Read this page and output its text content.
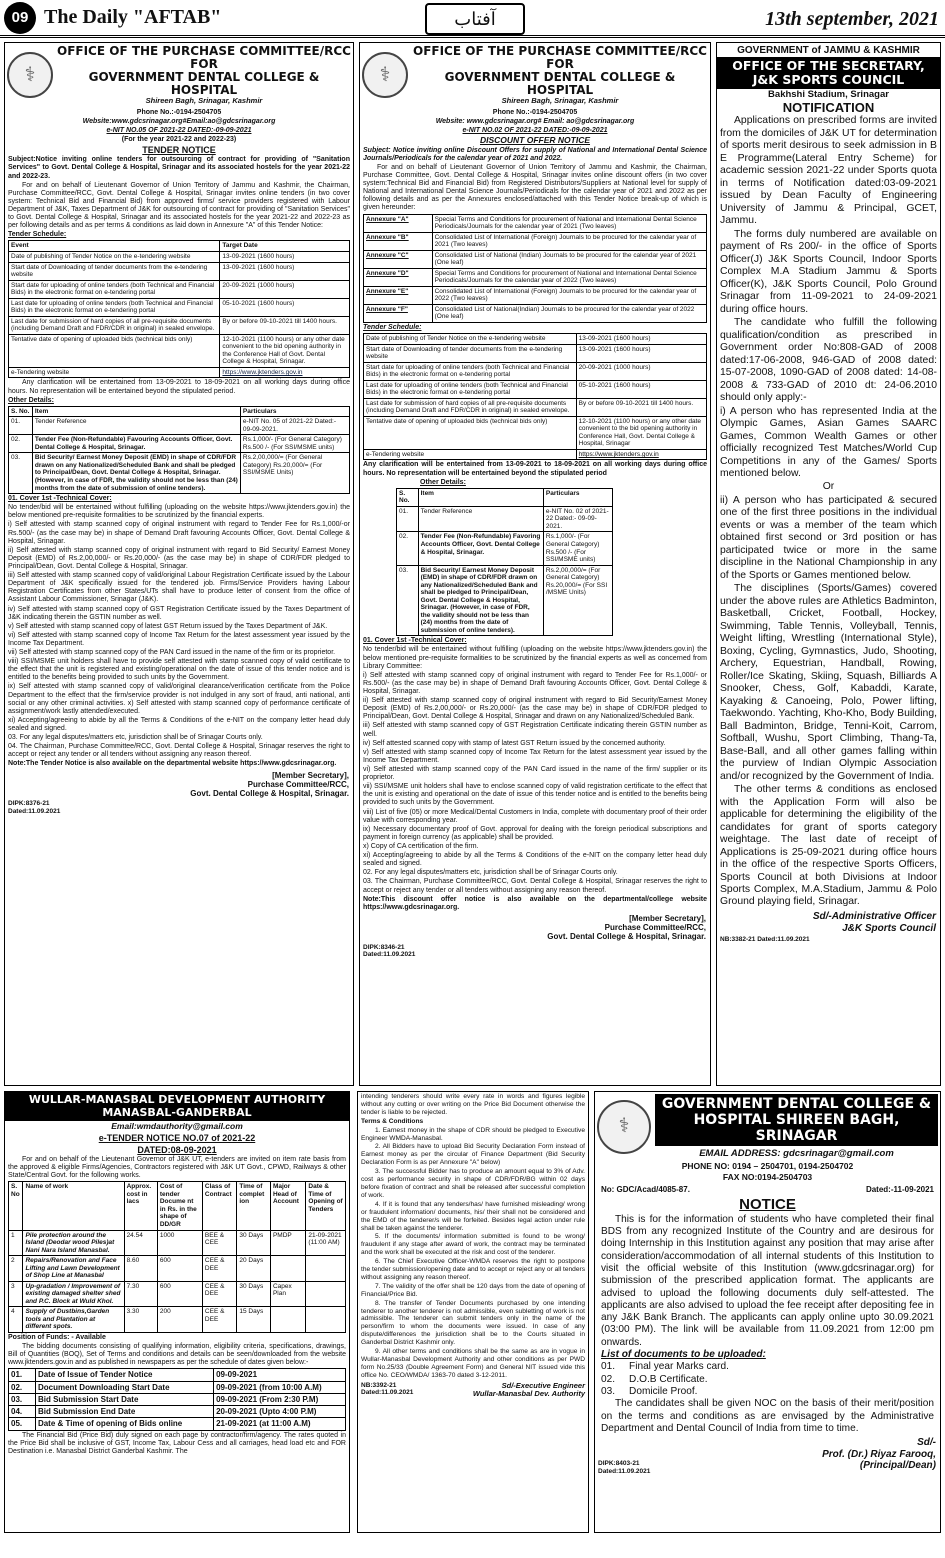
09 The Daily "AFTAB"	آفتاب	13th september, 2021
⚕
OFFICE OF THE PURCHASE COMMITTEE/RCC FOR
GOVERNMENT DENTAL COLLEGE & HOSPITAL
Shireen Bagh, Srinagar, Kashmir

Phone No.:-0194-2504705

Website:www.gdcsrinagar.org#Email:ao@gdcsrinagar.org

e-NIT NO.05 OF 2021-22 DATED:-09-09-2021

(For the year 2021-22 and 2022-23)

TENDER NOTICE

Subject:Notice inviting online tenders for outsourcing of contract for providing of "Sanitation Services" to Govt. Dental College & Hospital, Srinagar and its associated hostels for the year 2021-22 and 2022-23.

For and on behalf of Lieutenant Governor of Union Territory of Jammu and Kashmir, the Chairman, Purchase Committee/RCC, Govt. Dental College & Hospital, Srinagar invites online tenders (in two cover system: Technical Bid and Financial Bid) from approved firms/ service providers registered with Labour Department of J&K, Taxes Department of J&K for outsourcing of contract for providing of "Sanitation Services" to Govt. Dental College & Hospital, Srinagar and its associated hostels for the year 2021-22 and 2022-23 as per following details and as per terms & conditions as laid down in Annexure "A" of this Tender Notice:

Tender Schedule:

Event	Target Date
Date of publishing of Tender Notice on the e-tendering website	13-09-2021 (1600 hours)
Start date of Downloading of tender documents from the e-tendering website	13-09-2021 (1600 hours)
Start date for uploading of online tenders (both Technical and Financial Bids) in the electronic format on e-tendering portal	20-09-2021 (1000 hours)
Last date for uploading of online tenders (both Technical and Financial Bids) in the electronic format on e-tendering portal	05-10-2021 (1600 hours)
Last date for submission of hard copies of all pre-requisite documents (including Demand Draft and FDR/CDR in original) in sealed envelope.	By or before 09-10-2021 till 1400 hours.
Tentative date of opening of uploaded bids (technical bids only)	12-10-2021 (1100 hours) or any other date convenient to the bid opening authority in the Conference Hall of Govt. Dental College & Hospital, Srinagar.
e-Tendering website	https://www.jktenders.gov.in

Any clarification will be entertained from 13-09-2021 to 18-09-2021 on all working days during office hours. No representation will be entertained beyond the stipulated period.

Other Details:

S. No.	Item	Particulars
01.	Tender Reference	e-NIT No. 05 of 2021-22 Dated:- 09-09-2021.
02.	Tender Fee (Non-Refundable) Favouring Accounts Officer, Govt. Dental College & Hospital, Srinagar.	Rs.1,000/- (For General Category) Rs.500 /- (For SSI/MSME units)
03.	Bid Security/ Earnest Money Deposit (EMD) in shape of CDR/FDR drawn on any Nationalized/Scheduled Bank and shall be pledged to Principal/Dean, Govt. Dental College & Hospital, Srinagar. (However, in case of FDR, the validity should not be less than (24) months from the date of submission of online tenders).	Rs.2,00,000/= (For General Category) Rs.20,000/= (For SSI/MSME Units)

01. Cover 1st -Technical Cover:

No tender/bid will be entertained without fulfilling (uploading on the website https://www.jktenders.gov.in) the below mentioned pre-requisite formalities to be scrutinized by the financial experts.

i) Self attested with stamp scanned copy of original instrument with regard to Tender Fee for Rs.1,000/-or Rs.500/- (as the case may be) in shape of Demand Draft favouring Accounts Officer, Govt. Dental College & Hospital, Srinagar.

ii) Self attested with stamp scanned copy of original instrument with regard to Bid Security/ Earnest Money Deposit (EMD) of Rs.2,00,000/- or Rs.20,000/- (as the case may be) in shape of CDR/FDR pledged to Principal/Dean, Govt. Dental College & Hospital, Srinagar.

iii) Self attested with stamp scanned copy of valid/original Labour Registration Certificate issued by the Labour Department of J&K specifically issued for the tendered job. Firms/Service Providers having Labour Registration Certificates from other States/UTs shall have to produce letter of consent from the office of Assistant Labour Commissioner, Srinagar (J&K).

iv) Self attested with stamp scanned copy of GST Registration Certificate issued by the Taxes Department of J&K indicating therein the GSTIN number as well.

v) Self attested with stamp scanned copy of latest GST Return issued by the Taxes Department of J&K.

vi) Self attested with stamp scanned copy of Income Tax Return for the latest assessment year issued by the Income Tax Department.

vii) Self attested with stamp scanned copy of the PAN Card issued in the name of the firm or its proprietor.

viii) SSI/MSME unit holders shall have to provide self attested with stamp scanned copy of valid certificate to the effect that the unit is registered and existing/operational on the date of issue of this tender notice and is entitled to the benefits being provided to such units by the Government.

ix) Self attested with stamp scanned copy of valid/original clearance/verification certificate from the Police Department to the effect that the firm/service provider is not indulged in any sort of fraud, anti national, anti social or any other criminal activities. x) Self attested with stamp scanned copy of performance certificate of assignment/work lastly attended/executed.

xi) Accepting/agreeing to abide by all the Terms & Conditions of the e-NIT on the company letter head duly sealed and signed.

03. For any legal disputes/matters etc, jurisdiction shall be of Srinagar Courts only.

04. The Chairman, Purchase Committee/RCC, Govt. Dental College & Hospital, Srinagar reserves the right to accept or reject any tender or all tenders without assigning any reason thereof.

Note:The Tender Notice is also available on the departmental website https://www.gdcsrinagar.org.

[Member Secretary],
Purchase Committee/RCC,
Govt. Dental College & Hospital, Srinagar.
DIPK:8376-21
Dated:11.09.2021
⚕
OFFICE OF THE PURCHASE COMMITTEE/RCC FOR
GOVERNMENT DENTAL COLLEGE & HOSPITAL
Shireen Bagh, Srinagar, Kashmir

Phone No.:-0194-2504705

Website: www.gdcsrinagar.org# Email: ao@gdcsrinagar.org

e-NIT NO.02 OF 2021-22 DATED:-09-09-2021

DISCOUNT OFFER NOTICE

Subject: Notice inviting online Discount Offers for supply of National and International Dental Science Journals/Periodicals for the calendar year of 2021 and 2022.

For and on behalf of Lieutenant Governor of Union Territory of Jammu and Kashmir, the Chairman, Purchase Committee, Govt. Dental College & Hospital, Srinagar invites online discount offers (in two cover system:Technical Bid and Financial Bid) from Registered Distributors/Suppliers at National level for supply of National and International Dental Science Journals/Periodicals for the calendar year of 2021 and 2022 as per following details and as per the Annexures enclosed/attached with this Tender Notice break-up of which is given hereunder:

Annexure "A"	Special Terms and Conditions for procurement of National and International Dental Science Periodicals/Journals for the calendar year of 2021 (Two leaves)
Annexure "B"	Consolidated List of International (Foreign) Journals to be procured for the calendar year of 2021 (Two leaves)
Annexure "C"	Consolidated List of National (Indian) Journals to be procured for the calendar year of 2021 (One leaf)
Annexure "D"	Special Terms and Conditions for procurement of National and International Dental Science Periodicals/Journals for the calendar year of 2022 (Two leaves)
Annexure "E"	Consolidated List of International (Foreign) Journals to be procured for the calendar year of 2022 (Two leaves)
Annexure "F"	Consolidated List of National(Indian) Journals to be procured for the calendar year of 2022 (One leaf)

Tender Schedule:

Date of publishing of Tender Notice on the e-tendering website	13-09-2021 (1600 hours)
Start date of Downloading of tender documents from the e-tendering website	13-09-2021 (1600 hours)
Start date for uploading of online tenders (both Technical and Financial Bids) in the electronic format on e-tendering portal	20-09-2021 (1000 hours)
Last date for uploading of online tenders (both Technical and Financial Bids) in the electronic format on e-tendering portal	05-10-2021 (1600 hours)
Last date for submission of hard copies of all pre-requisite documents (including Demand Draft and FDR/CDR in original) in sealed envelope.	By or before 09-10-2021 till 1400 hours.
Tentative date of opening of uploaded bids (technical bids only)	12-10-2021 (1100 hours) or any other date convenient to the bid opening authority in Conference Hall, Govt. Dental College & Hospital, Srinagar
e-Tendering website	https://www.jktenders.gov.in

Any clarification will be entertained from 13-09-2021 to 18-09-2021 on all working days during office hours. No representation will be entertained beyond the stipulated period

Other Details:

S. No.	Item	Particulars
01.	Tender Reference	e-NIT No. 02 of 2021-22 Dated:- 09-09-2021.
02.	Tender Fee (Non-Refundable) Favoring Accounts Officer, Govt. Dental College & Hospital, Srinagar.	Rs.1,000/- (For General Category) Rs.500 /- (For SSI/MSME units)
03.	Bid Security/ Earnest Money Deposit (EMD) in shape of CDR/FDR drawn on any Nationalized/Scheduled Bank and shall be pledged to Principal/Dean, Govt. Dental College & Hospital, Srinagar. (However, in case of FDR, the validity should not be less than (24) months from the date of submission of online tenders).	Rs.2,00,000/= (For General Category) Rs.20,000/= (For SSI /MSME Units)

01. Cover 1st -Technical Cover:

No tender/bid will be entertained without fulfilling (uploading on the website https://www.jktenders.gov.in) the below mentioned pre-requisite formalities to be scrutinized by the financial experts as well as concerned from Library Committee:

i) Self attested with stamp scanned copy of original instrument with regard to Tender Fee for Rs.1,000/- or Rs.500/- (as the case may be) in shape of Demand Draft favouring Accounts Officer, Govt. Dental College & Hospital, Srinagar.

ii) Self attested with stamp scanned copy of original instrument with regard to Bid Security/Earnest Money Deposit (EMD) of Rs.2,00,000/- or Rs.20,000/- (as the case may be) in shape of CDR/FDR pledged to Principal/Dean, Govt. Dental College & Hospital, Srinagar and drawn on any Nationalized/Scheduled Bank.

iii) Self attested with stamp scanned copy of GST Registration Certificate indicating therein GSTIN number as well.

iv) Self attested scanned copy with stamp of latest GST Return issued by the concerned authority.

v) Self attested with stamp scanned copy of Income Tax Return for the latest assessment year issued by the Income Tax Department.

vi) Self attested with stamp scanned copy of the PAN Card issued in the name of the firm/ supplier or its proprietor.

vii) SSI/MSME unit holders shall have to enclose scanned copy of valid registration certificate to the effect that the unit is existing and operational on the date of issue of this tender notice and is entitled to the benefits being provided to such units by the Government.

viii) List of five (05) or more Medical/Dental Customers in India, complete with documentary proof of their order value with corresponding year.

ix) Necessary documentary proof of Govt. approval for dealing with the foreign periodical subscriptions and payment in foreign currency (as applicable) shall be provided.

x) Copy of CA certification of the firm.

xi) Accepting/agreeing to abide by all the Terms & Conditions of the e-NIT on the company letter head duly sealed and signed.

02. For any legal disputes/matters etc, jurisdiction shall be of Srinagar Courts only.

03. The Chairman, Purchase Committee/RCC, Govt. Dental College & Hospital, Srinagar reserves the right to accept or reject any tender or all tenders without assigning any reason thereof.

Note:This discount offer notice is also available on the departmental/college website https://www.gdcsrinagar.org.

[Member Secretary],
Purchase Committee/RCC,
Govt. Dental College & Hospital, Srinagar.
DIPK:8346-21
Dated:11.09.2021
GOVERNMENT of JAMMU & KASHMIR
OFFICE OF THE SECRETARY, J&K SPORTS COUNCIL
Bakhshi Stadium, Srinagar
NOTIFICATION

Applications on prescribed forms are invited from the domiciles of J&K UT for determination of sports merit desirous to seek admission in B E Programme(Lateral Entry Scheme) for academic session 2021-22 under Sports quota in terms of Notification dated:03-09-2021 issued by Dean Faculty of Engineering University of Jammu & Principal, GCET, Jammu.

The forms duly numbered are available on payment of Rs 200/- in the office of Sports Officer(J) J&K Sports Council, Indoor Sports Complex M.A Stadium Jammu & Sports Officer(K), J&K Sports Council, Polo Ground Srinagar from 11-09-2021 to 24-09-2021 during office hours.

The candidate who fulfill the following qualification/condition as prescribed in Government order No:808-GAD of 2008 dated:17-06-2008, 946-GAD of 2008 dated: 15-07-2008, 1090-GAD of 2008 dated: 14-08-2008 & 733-GAD of 2010 dt: 24-06.2010 should only apply:-

i) A person who has represented India at the Olympic Games, Asian Games SAARC Games, Common Wealth Games or other officially recognized Test Matches/World Cup Competitions in any of the Games/ Sports mentioned below.

Or

ii) A person who has participated & secured one of the first three positions in the individual events or was a member of the team which obtained first second or 3rd position or has participated twice or more in the same discipline in the National Championship in any of the Sports or Games mentioned below.

The disciplines (Sports/Games) covered under the above rules are Athletics Badminton, Basketball, Cricket, Football, Hockey, Swimming, Table Tennis, Volleyball, Tennis, Weight lifting, Wrestling (International Style), Boxing, Cycling, Gymnastics, Judo, Shooting, Archery, Equestrian, Handball, Rowing, Roller/Ice Skating, Skiing, Squash, Billiards A Snooker, Chess, Golf, Kabaddi, Karate, Kayaking & Canoeing, Polo, Power lifting, Taekwondo. Yachting, Kho-Kho, Body Building, Ball Badminton, Bridge, Tenni-Koit, Carrom, Softball, Wushu, Sport Climbing, Thang-Ta, Base-Ball, and all other games falling within the purview of Indian Olympic Association and/or recognized by the Government of India.

The other terms & conditions as enclosed with the Application Form will also be applicable for determining the eligibility of the candidates for grant of sports category weightage. The last date of receipt of Applications is 25-09-2021 during office hours in the office of the respective Sports Officers, Sports Council at both Divisions at Indoor Sports Complex, M.A.Stadium, Jammu & Polo Ground playing field, Srinagar.

Sd/-Administrative Officer
J&K Sports Council
NB:3382-21 Dated:11.09.2021
WULLAR-MANASBAL DEVELOPMENT AUTHORITY
MANASBAL-GANDERBAL

Email:wmdauthority@gmail.com

e-TENDER NOTICE NO.07 of 2021-22

DATED:08-09-2021

For and on behalf of the Lieutenant Governor of J&K UT, e-tenders are invited on item rate basis from the approved & eligible Firms/Agencies, Contractors registered with J&K UT Govt., CPWD, Railways & other State/Central Govt. for the following works.

S. No	Name of work	Approx. cost in lacs	Cost of tender Docume nt in Rs. in the shape of DD/GR	Class of Contract	Time of complet ion	Major Head of Account	Date & Time of Opening of Tenders
1	Pile protection around the Island (Deodar wood Piles)at Nani Nara Island Manasbal.	24.54	1000	BEE & CEE	30 Days	PMDP	21-09-2021 (11:00 AM)
2	Repairs/Renovation and Face Lifting and Lawn Development of Shop Line at Manasbal	8.60	600	CEE & DEE	20 Days		
3	Up-gradation / Improvement of existing damaged shelter shed and P.C. Block at Wuld Khol.	7.30	600	CEE & DEE	30 Days	Capex Plan	
4	Supply of Dustbins,Garden tools and Plantation at different spots.	3.30	200	CEE & DEE	15 Days		

Position of Funds: - Available

The bidding documents consisting of qualifying information, eligibility criteria, specifications, drawings, Bill of Quantities (BOQ), Set of Terms and conditions and details can be seen/downloaded from the website www.jktenders.gov.in and as published in newspapers as per the schedule of dates given below:-

01.	Date of Issue of Tender Notice	09-09-2021
02.	Document Downloading Start Date	09-09-2021 (from 10:00 A.M)
03.	Bid Submission Start Date	09-09-2021 (From 2:30 P.M)
04.	Bid Submission End Date	20-09-2021 (Upto 4:00 P.M)
05.	Date & Time of opening of Bids online	21-09-2021 (at 11:00 A.M)

The Financial Bid (Price Bid) duly signed on each page by contractor/firm/agency. The rates quoted in the Price Bid shall be inclusive of GST, Income Tax, Labour Cess and all carriages, head load etc and FOR Destination i.e. Manasbal District Ganderbal Kashmir. The

intending tenderers should write every rate in words and figures legible without any cutting or over writing on the Price Bid Document otherwise the tender is liable to be rejected.

Terms & Conditions

1. Earnest money in the shape of CDR should be pledged to Executive Engineer WMDA-Manasbal.

2. All Bidders have to upload Bid Security Declaration Form instead of Earnest money as per the circular of Finance Department (Bid Security Declaration Form is as per Annexure "A" below)

3. The successful Bidder has to produce an amount equal to 3% of Adv. cost as performance security in shape of CDR/FDR/BG within 02 days before fixation of contract and shall be released after successful completion of work.

4. If it is found that any tenders/has/ have furnished misleading/ wrong or fraudulent information/ documents, his/ their shall not be considered and the EMD of the tenderer/s will be forfeited. Besides legal action under rule shall be taken against the tenderer.

5. If the documents/ information submitted is found to be wrong/ fraudulent if any stage after award of work, the contract may be terminated and the work shall be executed at the risk and cost of the tenderer.

6. The Chief Executive Officer-WMDA reserves the right to postpone the tender submission/opening date and to accept or reject any or all tenders without assigning any reason thereof.

7. The validity of the offer shall be 120 days from the date of opening of Financial/Price Bid.

8. The transfer of Tender Documents purchased by one intending tenderer to another tenderer is not admissible, even subletting of work is not admissible. The tenderer can submit tenders only in the name of the person/firm to whom the documents were issued. In case of any dispute/differences the jurisdiction shall be to the Courts situated in Ganderbal District Kashmir only.

9. All other terms and conditions shall be the same as are in vogue in Wullar-Manasbal Development Authority and other conditions as per PWD form No.25/33 (Double Agreement Form) and General NIT issued vide this office No. CEO/WMDA/ 1363-70 dated 3-12-2011.

NB:3392-21
Dated:11.09.2021
Sd/-Executive Engineer
Wullar-Manasbal Dev. Authority
⚕
GOVERNMENT DENTAL COLLEGE &
HOSPITAL SHIREEN BAGH, SRINAGAR
EMAIL ADDRESS: gdcsrinagar@gmail.com

PHONE NO: 0194 – 2504701, 0194-2504702

FAX NO:0194-2504703

No: GDC/Acad/4085-87.	Dated:-11-09-2021
NOTICE
This is for the information of students who have completed their final BDS from any recognized Institute of the Country and are desirous for doing Internship in this Institution against any position that may arise after consideration/accommodation of all internal students of this Institution to visit the official website of this Institution (www.gdcsrinagar.org) for submission of the prescribed application format. The applicants are advised to upload the following documents duly self-attested. The applicants are also advised to upload the fee receipt after depositing fee in any J&K Bank Branch. The applicants can apply online upto 30.09.2021 (03:00 PM). The link will be available from 11.09.2021 from 12:00 pm onwards.
List of documents to be uploaded:
01. Final year Marks card.
02. D.O.B Certificate.
03. Domicile Proof.
The candidates shall be given NOC on the basis of their merit/position on the terms and conditions as are envisaged by the Administrative Department and Dental Council of India from time to time.
Sd/-
Prof. (Dr.) Riyaz Farooq,
(Principal/Dean)
DIPK:8403-21
Dated:11.09.2021
